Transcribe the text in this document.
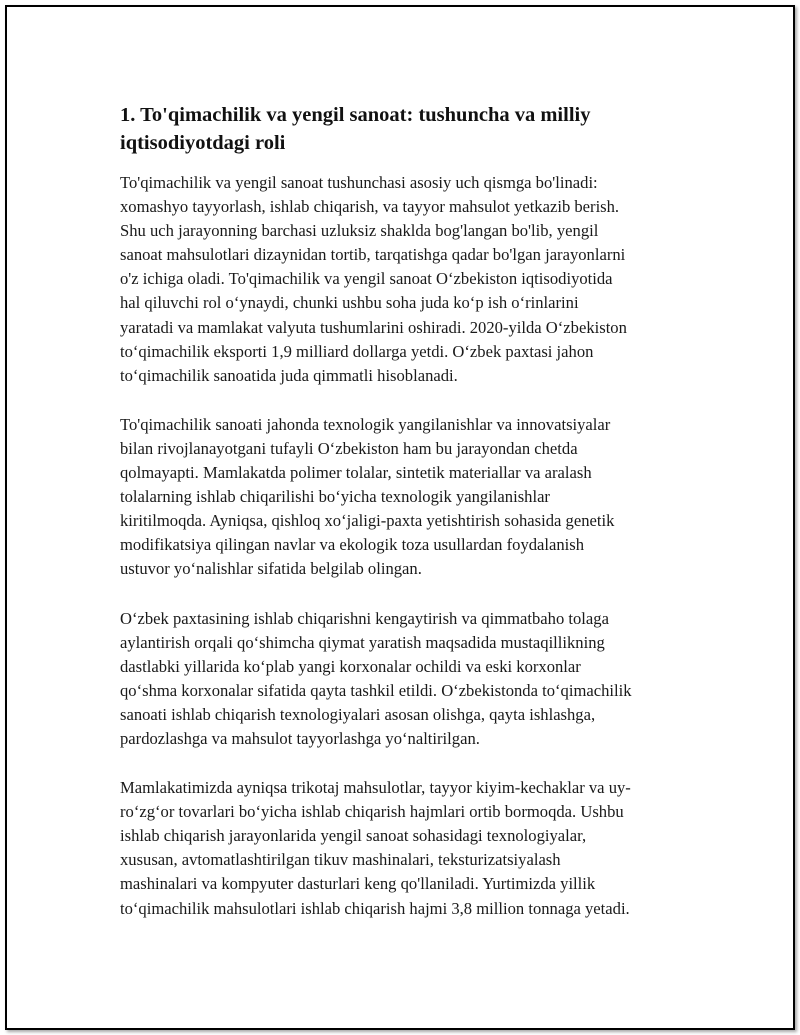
1. To'qimachilik va yengil sanoat: tushuncha va milliy
iqtisodiyotdagi roli

To'qimachilik va yengil sanoat tushunchasi asosiy uch qismga bo'linadi:
xomashyo tayyorlash, ishlab chiqarish, va tayyor mahsulot yetkazib berish.
Shu uch jarayonning barchasi uzluksiz shaklda bog'langan bo'lib, yengil
sanoat mahsulotlari dizaynidan tortib, tarqatishga qadar bo'lgan jarayonlarni
o'z ichiga oladi. To'qimachilik va yengil sanoat O‘zbekiston iqtisodiyotida
hal qiluvchi rol o‘ynaydi, chunki ushbu soha juda ko‘p ish o‘rinlarini
yaratadi va mamlakat valyuta tushumlarini oshiradi. 2020-yilda O‘zbekiston
to‘qimachilik eksporti 1,9 milliard dollarga yetdi. O‘zbek paxtasi jahon
to‘qimachilik sanoatida juda qimmatli hisoblanadi.

To'qimachilik sanoati jahonda texnologik yangilanishlar va innovatsiyalar
bilan rivojlanayotgani tufayli O‘zbekiston ham bu jarayondan chetda
qolmayapti. Mamlakatda polimer tolalar, sintetik materiallar va aralash
tolalarning ishlab chiqarilishi bo‘yicha texnologik yangilanishlar
kiritilmoqda. Ayniqsa, qishloq xo‘jaligi-paxta yetishtirish sohasida genetik
modifikatsiya qilingan navlar va ekologik toza usullardan foydalanish
ustuvor yo‘nalishlar sifatida belgilab olingan.

O‘zbek paxtasining ishlab chiqarishni kengaytirish va qimmatbaho tolaga
aylantirish orqali qo‘shimcha qiymat yaratish maqsadida mustaqillikning
dastlabki yillarida ko‘plab yangi korxonalar ochildi va eski korxonlar
qo‘shma korxonalar sifatida qayta tashkil etildi. O‘zbekistonda to‘qimachilik
sanoati ishlab chiqarish texnologiyalari asosan olishga, qayta ishlashga,
pardozlashga va mahsulot tayyorlashga yo‘naltirilgan.

Mamlakatimizda ayniqsa trikotaj mahsulotlar, tayyor kiyim-kechaklar va uy-
ro‘zg‘or tovarlari bo‘yicha ishlab chiqarish hajmlari ortib bormoqda. Ushbu
ishlab chiqarish jarayonlarida yengil sanoat sohasidagi texnologiyalar,
xususan, avtomatlashtirilgan tikuv mashinalari, teksturizatsiyalash
mashinalari va kompyuter dasturlari keng qo'llaniladi. Yurtimizda yillik
to‘qimachilik mahsulotlari ishlab chiqarish hajmi 3,8 million tonnaga yetadi.
